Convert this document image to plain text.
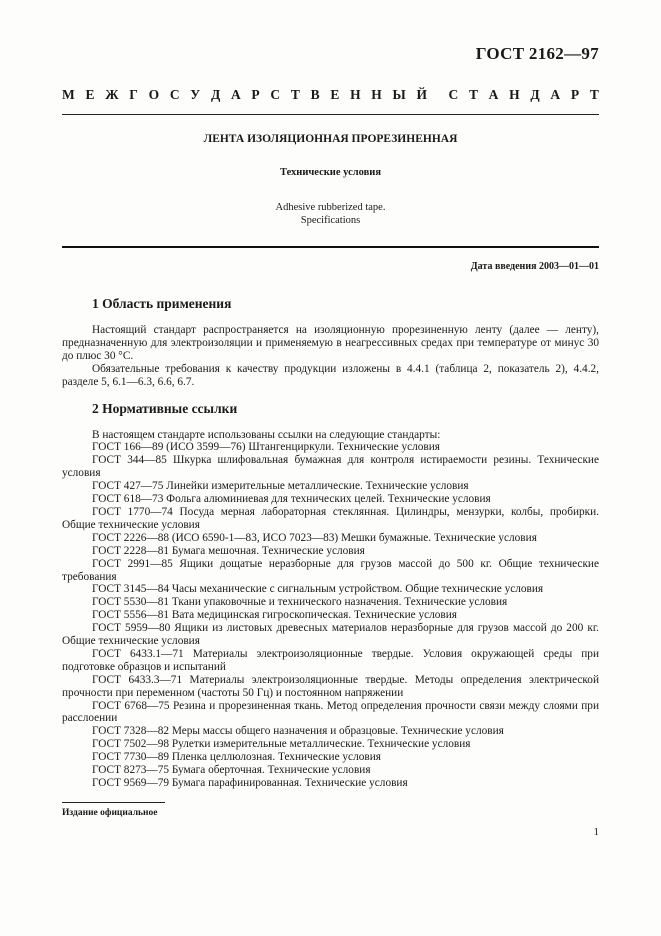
ГОСТ 2162—97
М Е Ж Г О С У Д А Р С Т В Е Н Н Ы Й С Т А Н Д А Р Т
ЛЕНТА ИЗОЛЯЦИОННАЯ ПРОРЕЗИНЕННАЯ
Технические условия
Adhesive rubberized tape.
Specifications
Дата введения 2003—01—01
1 Область применения

Настоящий стандарт распространяется на изоляционную прорезиненную ленту (далее — ленту), предназначенную для электроизоляции и применяемую в неагрессивных средах при температуре от минус 30 до плюс 30 °С.

Обязательные требования к качеству продукции изложены в 4.4.1 (таблица 2, показатель 2), 4.4.2, разделе 5, 6.1—6.3, 6.6, 6.7.

2 Нормативные ссылки

В настоящем стандарте использованы ссылки на следующие стандарты:

ГОСТ 166—89 (ИСО 3599—76) Штангенциркули. Технические условия

ГОСТ 344—85 Шкурка шлифовальная бумажная для контроля истираемости резины. Технические условия

ГОСТ 427—75 Линейки измерительные металлические. Технические условия

ГОСТ 618—73 Фольга алюминиевая для технических целей. Технические условия

ГОСТ 1770—74 Посуда мерная лабораторная стеклянная. Цилиндры, мензурки, колбы, пробирки. Общие технические условия

ГОСТ 2226—88 (ИСО 6590-1—83, ИСО 7023—83) Мешки бумажные. Технические условия

ГОСТ 2228—81 Бумага мешочная. Технические условия

ГОСТ 2991—85 Ящики дощатые неразборные для грузов массой до 500 кг. Общие технические требования

ГОСТ 3145—84 Часы механические с сигнальным устройством. Общие технические условия

ГОСТ 5530—81 Ткани упаковочные и технического назначения. Технические условия

ГОСТ 5556—81 Вата медицинская гигроскопическая. Технические условия

ГОСТ 5959—80 Ящики из листовых древесных материалов неразборные для грузов массой до 200 кг. Общие технические условия

ГОСТ 6433.1—71 Материалы электроизоляционные твердые. Условия окружающей среды при подготовке образцов и испытаний

ГОСТ 6433.3—71 Материалы электроизоляционные твердые. Методы определения электрической прочности при переменном (частоты 50 Гц) и постоянном напряжении

ГОСТ 6768—75 Резина и прорезиненная ткань. Метод определения прочности связи между слоями при расслоении

ГОСТ 7328—82 Меры массы общего назначения и образцовые. Технические условия

ГОСТ 7502—98 Рулетки измерительные металлические. Технические условия

ГОСТ 7730—89 Пленка целлюлозная. Технические условия

ГОСТ 8273—75 Бумага оберточная. Технические условия

ГОСТ 9569—79 Бумага парафинированная. Технические условия

Издание официальное
1
